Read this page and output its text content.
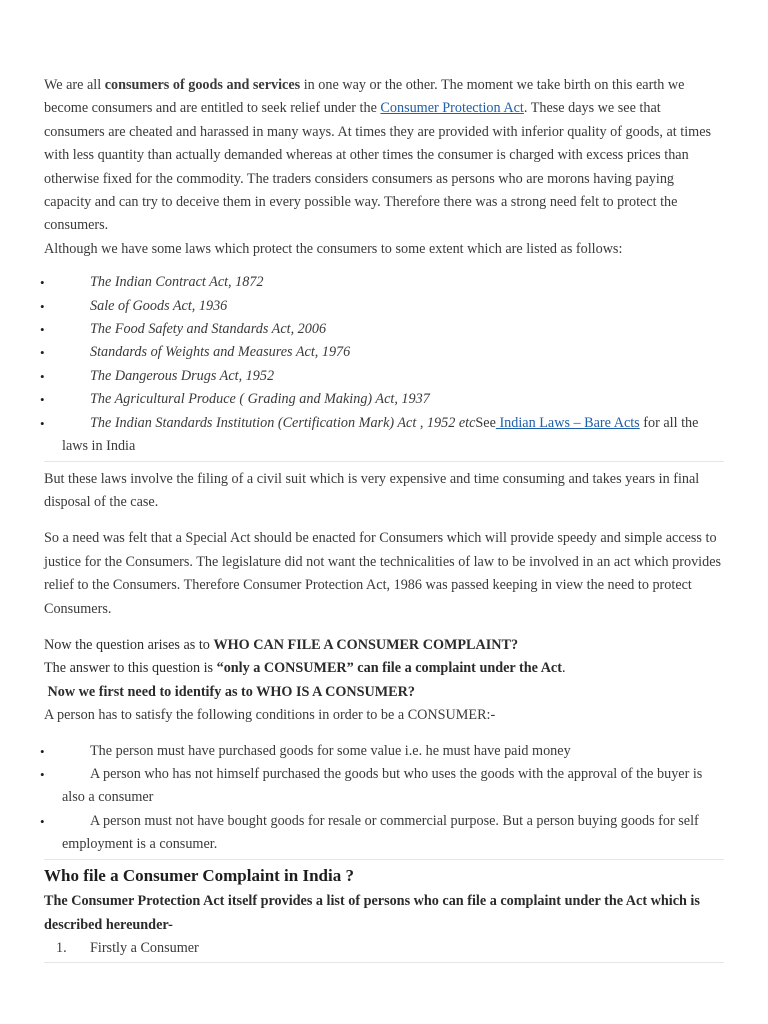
We are all consumers of goods and services in one way or the other. The moment we take birth on this earth we become consumers and are entitled to seek relief under the Consumer Protection Act. These days we see that consumers are cheated and harassed in many ways. At times they are provided with inferior quality of goods, at times with less quantity than actually demanded whereas at other times the consumer is charged with excess prices than otherwise fixed for the commodity. The traders considers consumers as persons who are morons having paying capacity and can try to deceive them in every possible way. Therefore there was a strong need felt to protect the consumers.

Although we have some laws which protect the consumers to some extent which are listed as follows:

• The Indian Contract Act, 1872
• Sale of Goods Act, 1936
• The Food Safety and Standards Act, 2006
• Standards of Weights and Measures Act, 1976
• The Dangerous Drugs Act, 1952
• The Agricultural Produce ( Grading and Making) Act, 1937
• The Indian Standards Institution (Certification Mark) Act , 1952 etcSee Indian Laws – Bare Acts for all the laws in India

But these laws involve the filing of a civil suit which is very expensive and time consuming and takes years in final disposal of the case.

So a need was felt that a Special Act should be enacted for Consumers which will provide speedy and simple access to justice for the Consumers. The legislature did not want the technicalities of law to be involved in an act which provides relief to the Consumers. Therefore Consumer Protection Act, 1986 was passed keeping in view the need to protect Consumers.

Now the question arises as to WHO CAN FILE A CONSUMER COMPLAINT?

The answer to this question is “only a CONSUMER” can file a complaint under the Act.

Now we first need to identify as to WHO IS A CONSUMER?

A person has to satisfy the following conditions in order to be a CONSUMER:-

• The person must have purchased goods for some value i.e. he must have paid money
• A person who has not himself purchased the goods but who uses the goods with the approval of the buyer is also a consumer
• A person must not have bought goods for resale or commercial purpose. But a person buying goods for self employment is a consumer.
Who file a Consumer Complaint in India ?

The Consumer Protection Act itself provides a list of persons who can file a complaint under the Act which is described hereunder-

1. Firstly a Consumer
